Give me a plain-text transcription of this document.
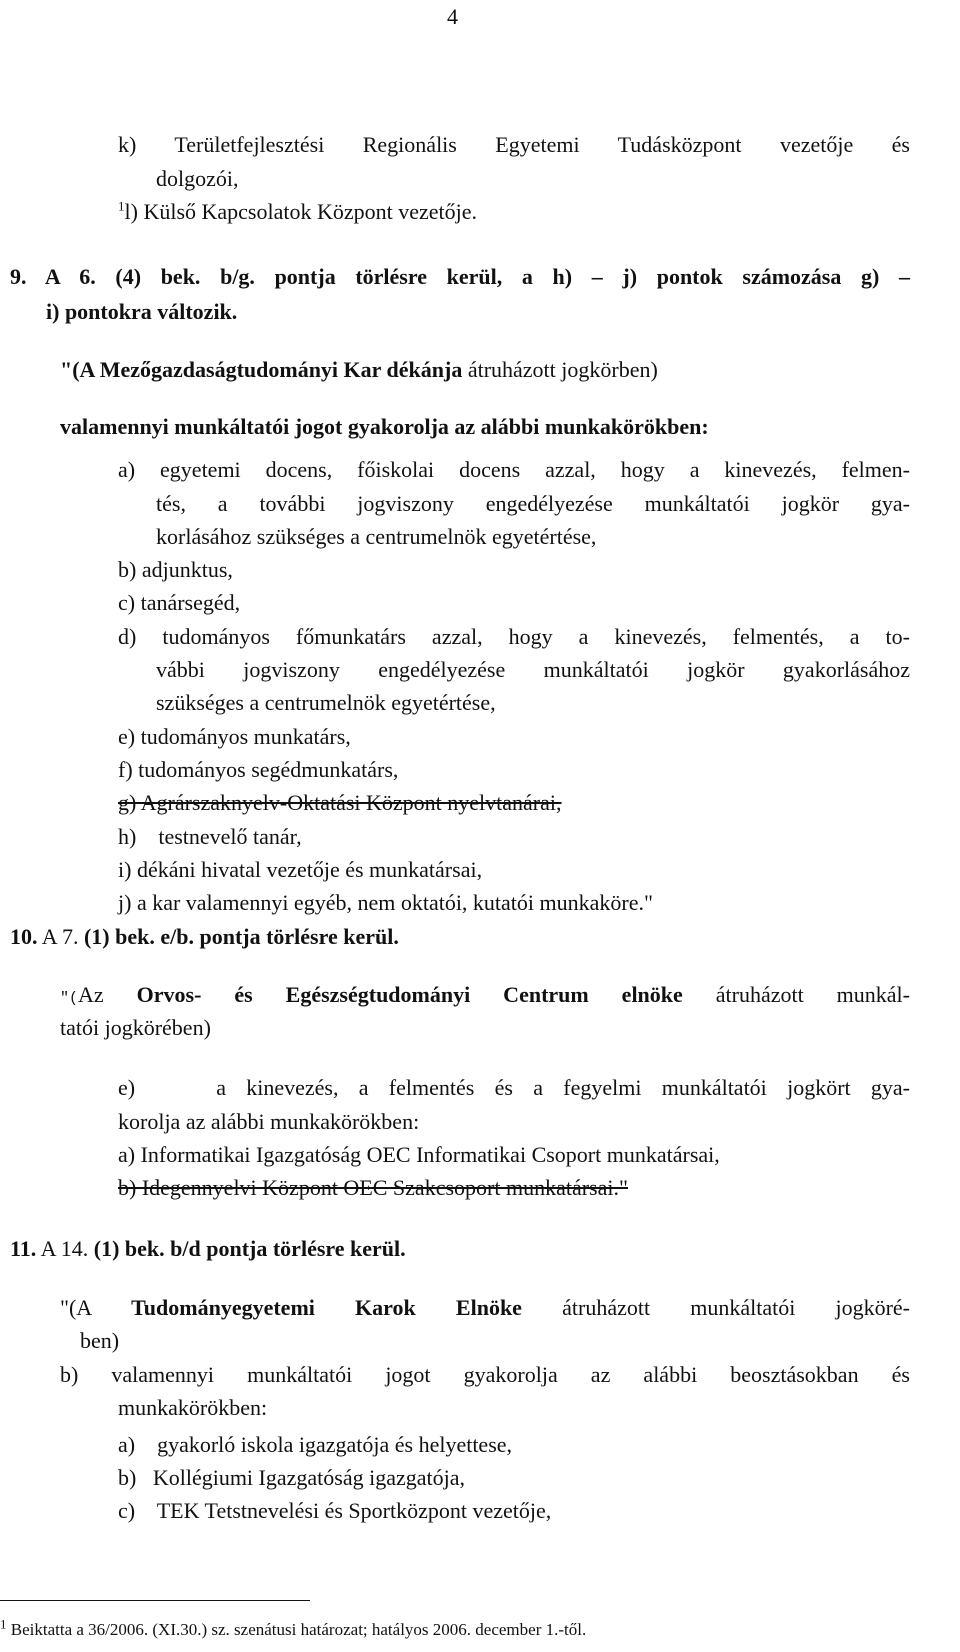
4
k) Területfejlesztési Regionális Egyetemi Tudásközpont vezetője és
dolgozói,
$^1$l) Külső Kapcsolatok Központ vezetője.
9. A 6. (4) bek. b/g. pontja törlésre kerül, a h) – j) pontok számozása g) –
i) pontokra változik.
"(A Mezőgazdaságtudományi Kar dékánja átruházott jogkörben)
valamennyi munkáltatói jogot gyakorolja az alábbi munkakörökben:
a) egyetemi docens, főiskolai docens azzal, hogy a kinevezés, felmen-
tés, a további jogviszony engedélyezése munkáltatói jogkör gya-
korlásához szükséges a centrumelnök egyetértése,
b) adjunktus,
c) tanársegéd,
d) tudományos főmunkatárs azzal, hogy a kinevezés, felmentés, a to-
vábbi jogviszony engedélyezése munkáltatói jogkör gyakorlásához
szükséges a centrumelnök egyetértése,
e) tudományos munkatárs,
f) tudományos segédmunkatárs,
g) Agrárszaknyelv-Oktatási Központ nyelvtanárai,
h)    testnevelő tanár,
i) dékáni hivatal vezetője és munkatársai,
j) a kar valamennyi egyéb, nem oktatói, kutatói munkaköre."
10. A 7. (1) bek. e/b. pontja törlésre kerül.
"(Az Orvos- és Egészségtudományi Centrum elnöke átruházott munkál-
tatói jogkörében)
e)    a kinevezés, a felmentés és a fegyelmi munkáltatói jogkört gya-
korolja az alábbi munkakörökben:
a) Informatikai Igazgatóság OEC Informatikai Csoport munkatársai,
b) Idegennyelvi Központ OEC Szakcsoport munkatársai."
11. A 14. (1) bek. b/d pontja törlésre kerül.
"(A Tudományegyetemi Karok Elnöke átruházott munkáltatói jogköré-
ben)
b) valamennyi munkáltatói jogot gyakorolja az alábbi beosztásokban és
munkakörökben:
a)    gyakorló iskola igazgatója és helyettese,
b)   Kollégiumi Igazgatóság igazgatója,
c)    TEK Tetstnevelési és Sportközpont vezetője,
$^1$ Beiktatta a 36/2006. (XI.30.) sz. szenátusi határozat; hatályos 2006. december 1.-től.
